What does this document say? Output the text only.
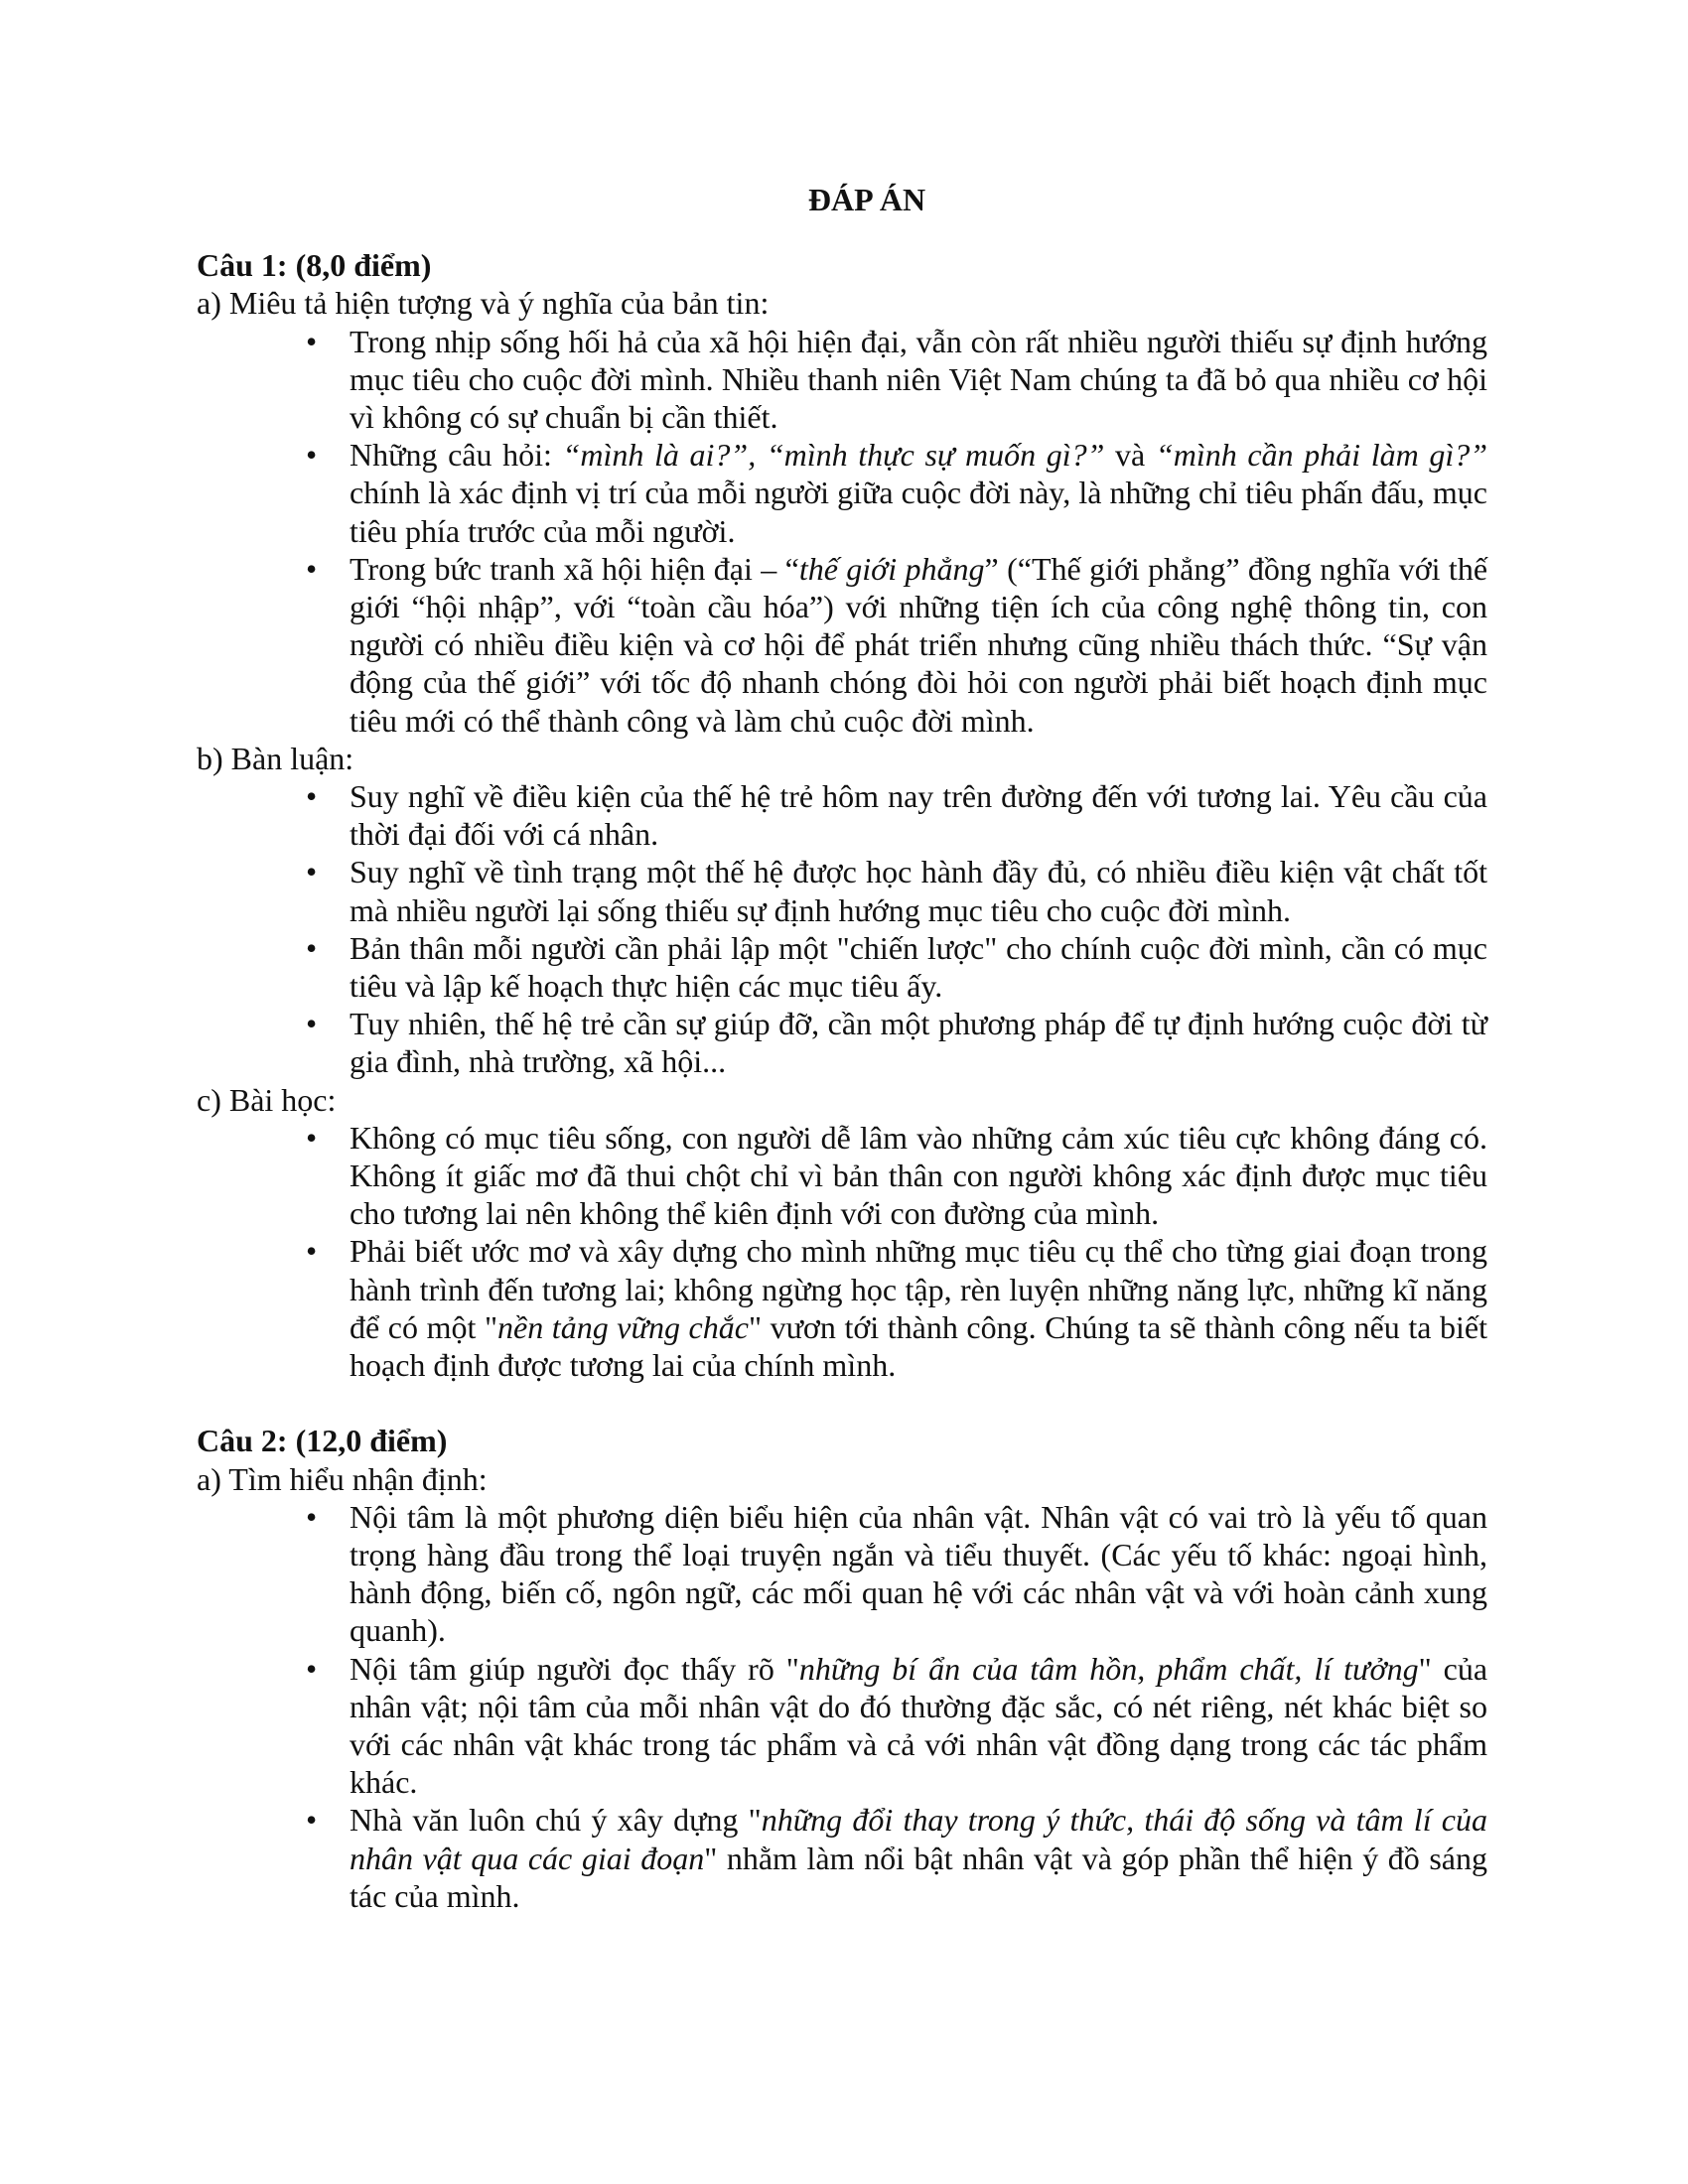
ĐÁP ÁN
Câu 1: (8,0 điểm)
a) Miêu tả hiện tượng và ý nghĩa của bản tin:
• Trong nhịp sống hối hả của xã hội hiện đại, vẫn còn rất nhiều người thiếu sự định hướng mục tiêu cho cuộc đời mình. Nhiều thanh niên Việt Nam chúng ta đã bỏ qua nhiều cơ hội vì không có sự chuẩn bị cần thiết.
• Những câu hỏi: “mình là ai?”, “mình thực sự muốn gì?” và “mình cần phải làm gì?” chính là xác định vị trí của mỗi người giữa cuộc đời này, là những chỉ tiêu phấn đấu, mục tiêu phía trước của mỗi người.
• Trong bức tranh xã hội hiện đại – “thế giới phẳng” (“Thế giới phẳng” đồng nghĩa với thế giới “hội nhập”, với “toàn cầu hóa”) với những tiện ích của công nghệ thông tin, con người có nhiều điều kiện và cơ hội để phát triển nhưng cũng nhiều thách thức. “Sự vận động của thế giới” với tốc độ nhanh chóng đòi hỏi con người phải biết hoạch định mục tiêu mới có thể thành công và làm chủ cuộc đời mình.
b) Bàn luận:
• Suy nghĩ về điều kiện của thế hệ trẻ hôm nay trên đường đến với tương lai. Yêu cầu của thời đại đối với cá nhân.
• Suy nghĩ về tình trạng một thế hệ được học hành đầy đủ, có nhiều điều kiện vật chất tốt mà nhiều người lại sống thiếu sự định hướng mục tiêu cho cuộc đời mình.
• Bản thân mỗi người cần phải lập một "chiến lược" cho chính cuộc đời mình, cần có mục tiêu và lập kế hoạch thực hiện các mục tiêu ấy.
• Tuy nhiên, thế hệ trẻ cần sự giúp đỡ, cần một phương pháp để tự định hướng cuộc đời từ gia đình, nhà trường, xã hội...
c) Bài học:
• Không có mục tiêu sống, con người dễ lâm vào những cảm xúc tiêu cực không đáng có. Không ít giấc mơ đã thui chột chỉ vì bản thân con người không xác định được mục tiêu cho tương lai nên không thể kiên định với con đường của mình.
• Phải biết ước mơ và xây dựng cho mình những mục tiêu cụ thể cho từng giai đoạn trong hành trình đến tương lai; không ngừng học tập, rèn luyện những năng lực, những kĩ năng để có một "nền tảng vững chắc" vươn tới thành công. Chúng ta sẽ thành công nếu ta biết hoạch định được tương lai của chính mình.
Câu 2: (12,0 điểm)
a) Tìm hiểu nhận định:
• Nội tâm là một phương diện biểu hiện của nhân vật. Nhân vật có vai trò là yếu tố quan trọng hàng đầu trong thể loại truyện ngắn và tiểu thuyết. (Các yếu tố khác: ngoại hình, hành động, biến cố, ngôn ngữ, các mối quan hệ với các nhân vật và với hoàn cảnh xung quanh).
• Nội tâm giúp người đọc thấy rõ "những bí ẩn của tâm hồn, phẩm chất, lí tưởng" của nhân vật; nội tâm của mỗi nhân vật do đó thường đặc sắc, có nét riêng, nét khác biệt so với các nhân vật khác trong tác phẩm và cả với nhân vật đồng dạng trong các tác phẩm khác.
• Nhà văn luôn chú ý xây dựng "những đổi thay trong ý thức, thái độ sống và tâm lí của nhân vật qua các giai đoạn" nhằm làm nổi bật nhân vật và góp phần thể hiện ý đồ sáng tác của mình.
